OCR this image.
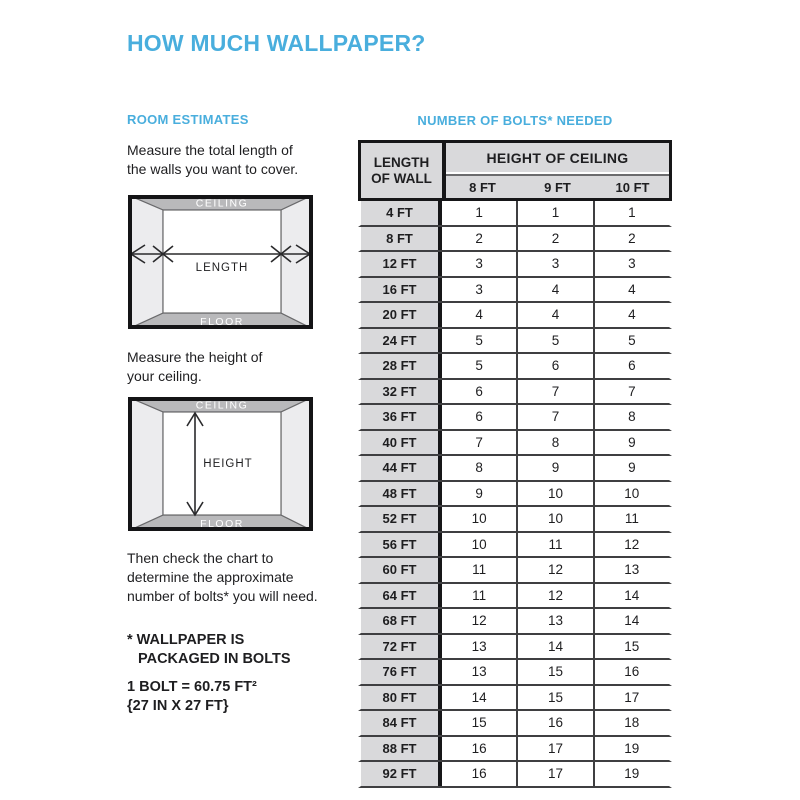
HOW MUCH WALLPAPER?
ROOM ESTIMATES
Measure the total length of
the walls you want to cover.
CEILING
FLOOR
LENGTH
Measure the height of
your ceiling.
CEILING
FLOOR
HEIGHT
Then check the chart to
determine the approximate
number of bolts* you will need.
* WALLPAPER IS
PACKAGED IN BOLTS
1 BOLT = 60.75 FT²
{27 IN X 27 FT}
NUMBER OF BOLTS* NEEDED
LENGTH OF WALL
HEIGHT OF CEILING
8 FT	9 FT	10 FT
4 FT	1	1	1
8 FT	2	2	2
12 FT	3	3	3
16 FT	3	4	4
20 FT	4	4	4
24 FT	5	5	5
28 FT	5	6	6
32 FT	6	7	7
36 FT	6	7	8
40 FT	7	8	9
44 FT	8	9	9
48 FT	9	10	10
52 FT	10	10	11
56 FT	10	11	12
60 FT	11	12	13
64 FT	11	12	14
68 FT	12	13	14
72 FT	13	14	15
76 FT	13	15	16
80 FT	14	15	17
84 FT	15	16	18
88 FT	16	17	19
92 FT	16	17	19
